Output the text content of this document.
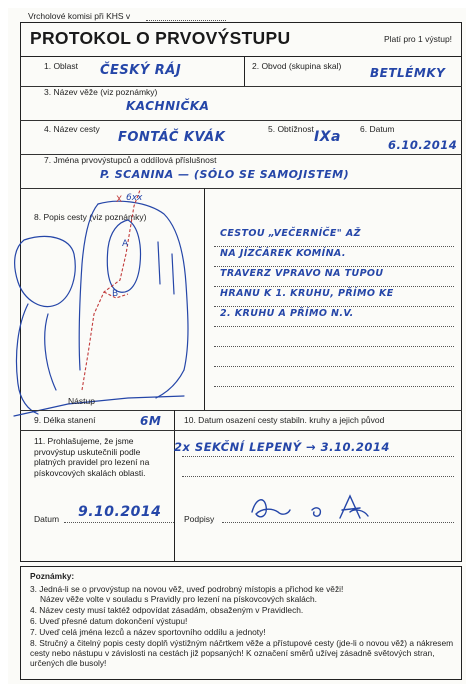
Vrcholové komisi při KHS v
PROTOKOL O PRVOVÝSTUPU	Platí pro 1 výstup!
1. Oblast ČESKÝ RÁJ	2. Obvod (skupina skal) BETLÉMKY
3. Název věže (viz poznámky)
KACHNIČKA
4. Název cesty
FONTÁČ KVÁK
5. Obtížnost IXa 6. Datum
6.10.2014
7. Jména prvovýstupců a oddílová příslušnost
P. SCANINA — (SÓLO SE SAMOJISTEM)
8. Popis cesty (viz poznámky)
CESTOU „VEČERNÍČE" AŽ
NA JÍZČÁREK KOMÍNA.
TRAVERZ VPRAVO NA TUPOU
HRANU K 1. KRUHU, PŘÍMO KE
2. KRUHU A PŘÍMO N.V.
6xx
A
B
X
Nástup
9. Délka stanení	6M	10. Datum osazení cesty stabiln. kruhy a jejich původ
2x SEKČNÍ LEPENÝ → 3.10.2014
11. Prohlašujeme, že jsme prvovýstup uskutečnili podle platných pravidel pro lezení na pískovcových skalách oblasti.
Datum 9.10.2014	Podpisy
Poznámky:
3. Jedná-li se o prvovýstup na novou věž, uveď podrobný místopis a přichod ke věži!
Název věže volte v souladu s Pravidly pro lezení na pískovcových skalách.
4. Název cesty musí taktéž odpovídat zásadám, obsaženým v Pravidlech.
6. Uveď přesné datum dokončení výstupu!
7. Uveď celá jména lezců a název sportovního oddílu a jednoty!
8. Stručný a čitelný popis cesty doplň výstižným náčrtkem věže a přístupové cesty (jde-li o novou věž) a nákresem cesty nebo nástupu v závislosti na cestách již popsaných! K označení směrů užívej zásadně světových stran, určených dle busoly!
